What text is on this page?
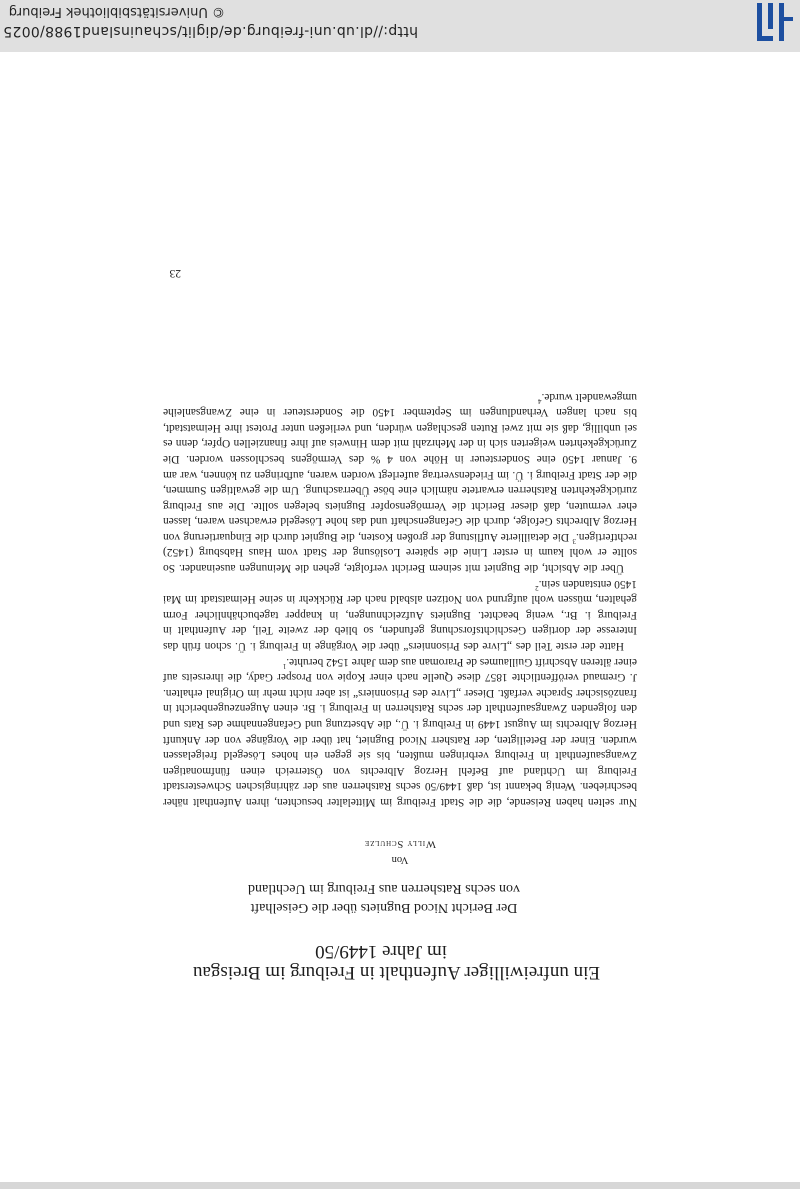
Ein unfreiwilliger Aufenthalt in Freiburg im Breisgau
im Jahre 1449/50
Der Bericht Nicod Bugniets über die Geiselhaft
von sechs Ratsherren aus Freiburg im Uechtland
Von
Willy Schulze

Nur selten haben Reisende, die die Stadt Freiburg im Mittelalter besuchten, ihren Aufenthalt näher beschrieben. Wenig bekannt ist, daß 1449/50 sechs Ratsherren aus der zähringischen Schwesterstadt Freiburg im Uchtland auf Befehl Herzog Albrechts von Österreich einen fünfmonatigen Zwangsaufenthalt in Freiburg verbringen mußten, bis sie gegen ein hohes Lösegeld freigelassen wurden. Einer der Beteiligten, der Ratsherr Nicod Bugniet, hat über die Vorgänge von der Ankunft Herzog Albrechts im August 1449 in Freiburg i. Ü., die Absetzung und Gefangennahme des Rats und den folgenden Zwangsaufenthalt der sechs Ratsherren in Freiburg i. Br. einen Augenzeugenbericht in französischer Sprache verfaßt. Dieser „Livre des Prisonniers“ ist aber nicht mehr im Original erhalten. J. Gremaud veröffentlichte 1857 diese Quelle nach einer Kopie von Prosper Gady, die ihrerseits auf einer älteren Abschrift Guillaumes de Praroman aus dem Jahre 1542 beruhte.$^1$

Hatte der erste Teil des „Livre des Prisonniers“ über die Vorgänge in Freiburg i. Ü. schon früh das Interesse der dortigen Geschichtsforschung gefunden, so blieb der zweite Teil, der Aufenthalt in Freiburg i. Br., wenig beachtet. Bugniets Aufzeichnungen, in knapper tagebuchähnlicher Form gehalten, müssen wohl aufgrund von Notizen alsbald nach der Rückkehr in seine Heimatstadt im Mai 1450 entstanden sein.$^2$

Über die Absicht, die Bugniet mit seinem Bericht verfolgte, gehen die Meinungen auseinander. So sollte er wohl kaum in erster Linie die spätere Loslösung der Stadt vom Haus Habsburg (1452) rechtfertigen.$^3$ Die detaillierte Auflistung der großen Kosten, die Bugniet durch die Einquartierung von Herzog Albrechts Gefolge, durch die Gefangenschaft und das hohe Lösegeld erwachsen waren, lassen eher vermuten, daß dieser Bericht die Vermögensopfer Bugniets belegen sollte. Die aus Freiburg zurückgekehrten Ratsherren erwartete nämlich eine böse Überraschung. Um die gewaltigen Summen, die der Stadt Freiburg i. Ü. im Friedensvertrag auferlegt worden waren, aufbringen zu können, war am 9. Januar 1450 eine Sondersteuer in Höhe von 4 % des Vermögens beschlossen worden. Die Zurückgekehrten weigerten sich in der Mehrzahl mit dem Hinweis auf ihre finanziellen Opfer, denn es sei unbillig, daß sie mit zwei Ruten geschlagen würden, und verließen unter Protest ihre Heimatstadt, bis nach langen Verhandlungen im September 1450 die Sondersteuer in eine Zwangsanleihe umgewandelt wurde.$^4$

23
http://dl.ub.uni-freiburg.de/diglit/schauinsland1988/0025
© Universitätsbibliothek Freiburg
